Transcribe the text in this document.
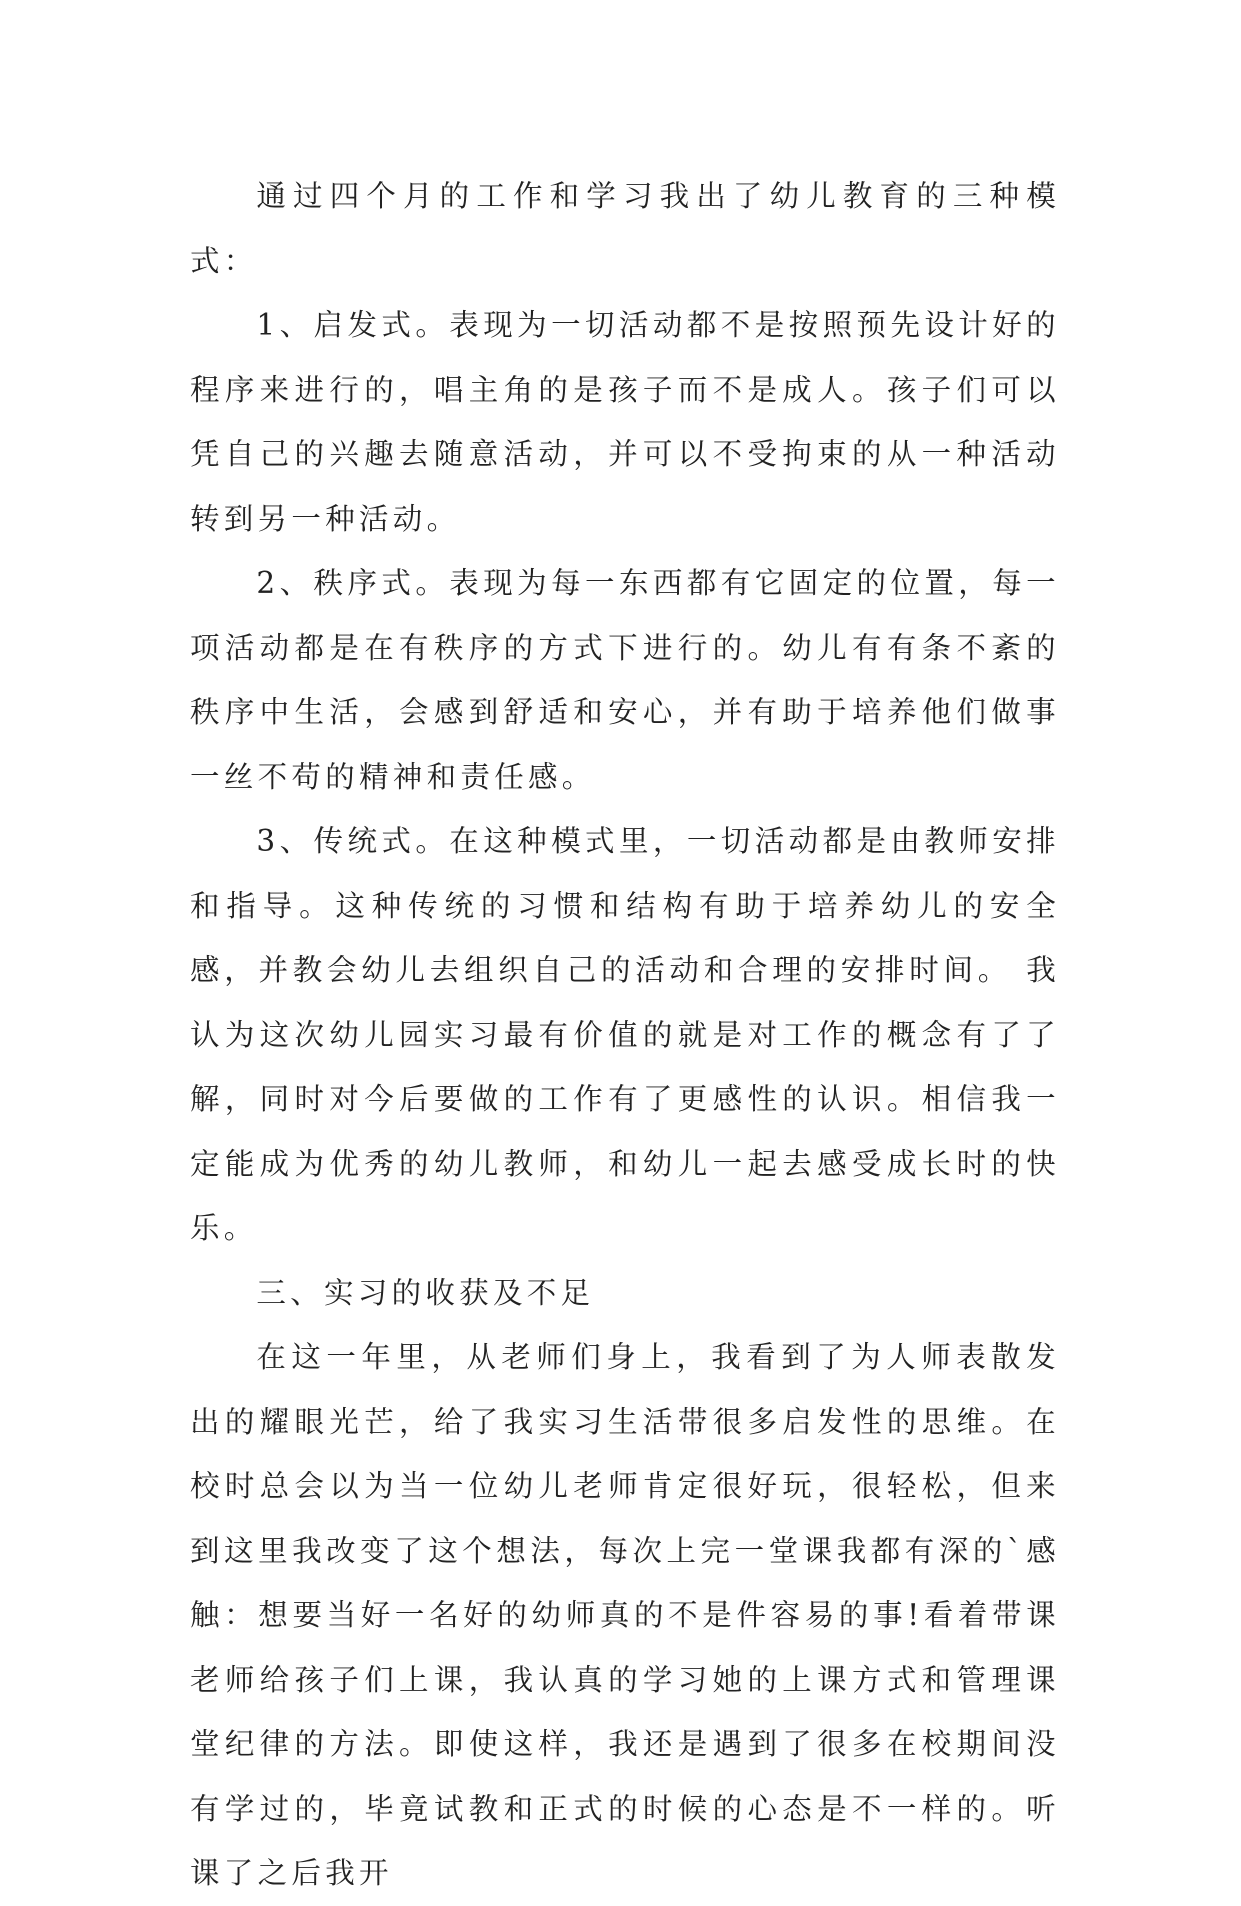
通过四个月的工作和学习我出了幼儿教育的三种模式：

1、启发式。表现为一切活动都不是按照预先设计好的程序来进行的，唱主角的是孩子而不是成人。孩子们可以凭自己的兴趣去随意活动，并可以不受拘束的从一种活动转到另一种活动。

2、秩序式。表现为每一东西都有它固定的位置，每一项活动都是在有秩序的方式下进行的。幼儿有有条不紊的秩序中生活，会感到舒适和安心，并有助于培养他们做事一丝不苟的精神和责任感。

3、传统式。在这种模式里，一切活动都是由教师安排和指导。这种传统的习惯和结构有助于培养幼儿的安全感，并教会幼儿去组织自己的活动和合理的安排时间。 我认为这次幼儿园实习最有价值的就是对工作的概念有了了解，同时对今后要做的工作有了更感性的认识。相信我一定能成为优秀的幼儿教师，和幼儿一起去感受成长时的快乐。

三、实习的收获及不足

在这一年里，从老师们身上，我看到了为人师表散发出的耀眼光芒，给了我实习生活带很多启发性的思维。在校时总会以为当一位幼儿老师肯定很好玩，很轻松，但来到这里我改变了这个想法，每次上完一堂课我都有深的`感触：想要当好一名好的幼师真的不是件容易的事!看着带课老师给孩子们上课，我认真的学习她的上课方式和管理课堂纪律的方法。即使这样，我还是遇到了很多在校期间没有学过的，毕竟试教和正式的时候的心态是不一样的。听课了之后我开
